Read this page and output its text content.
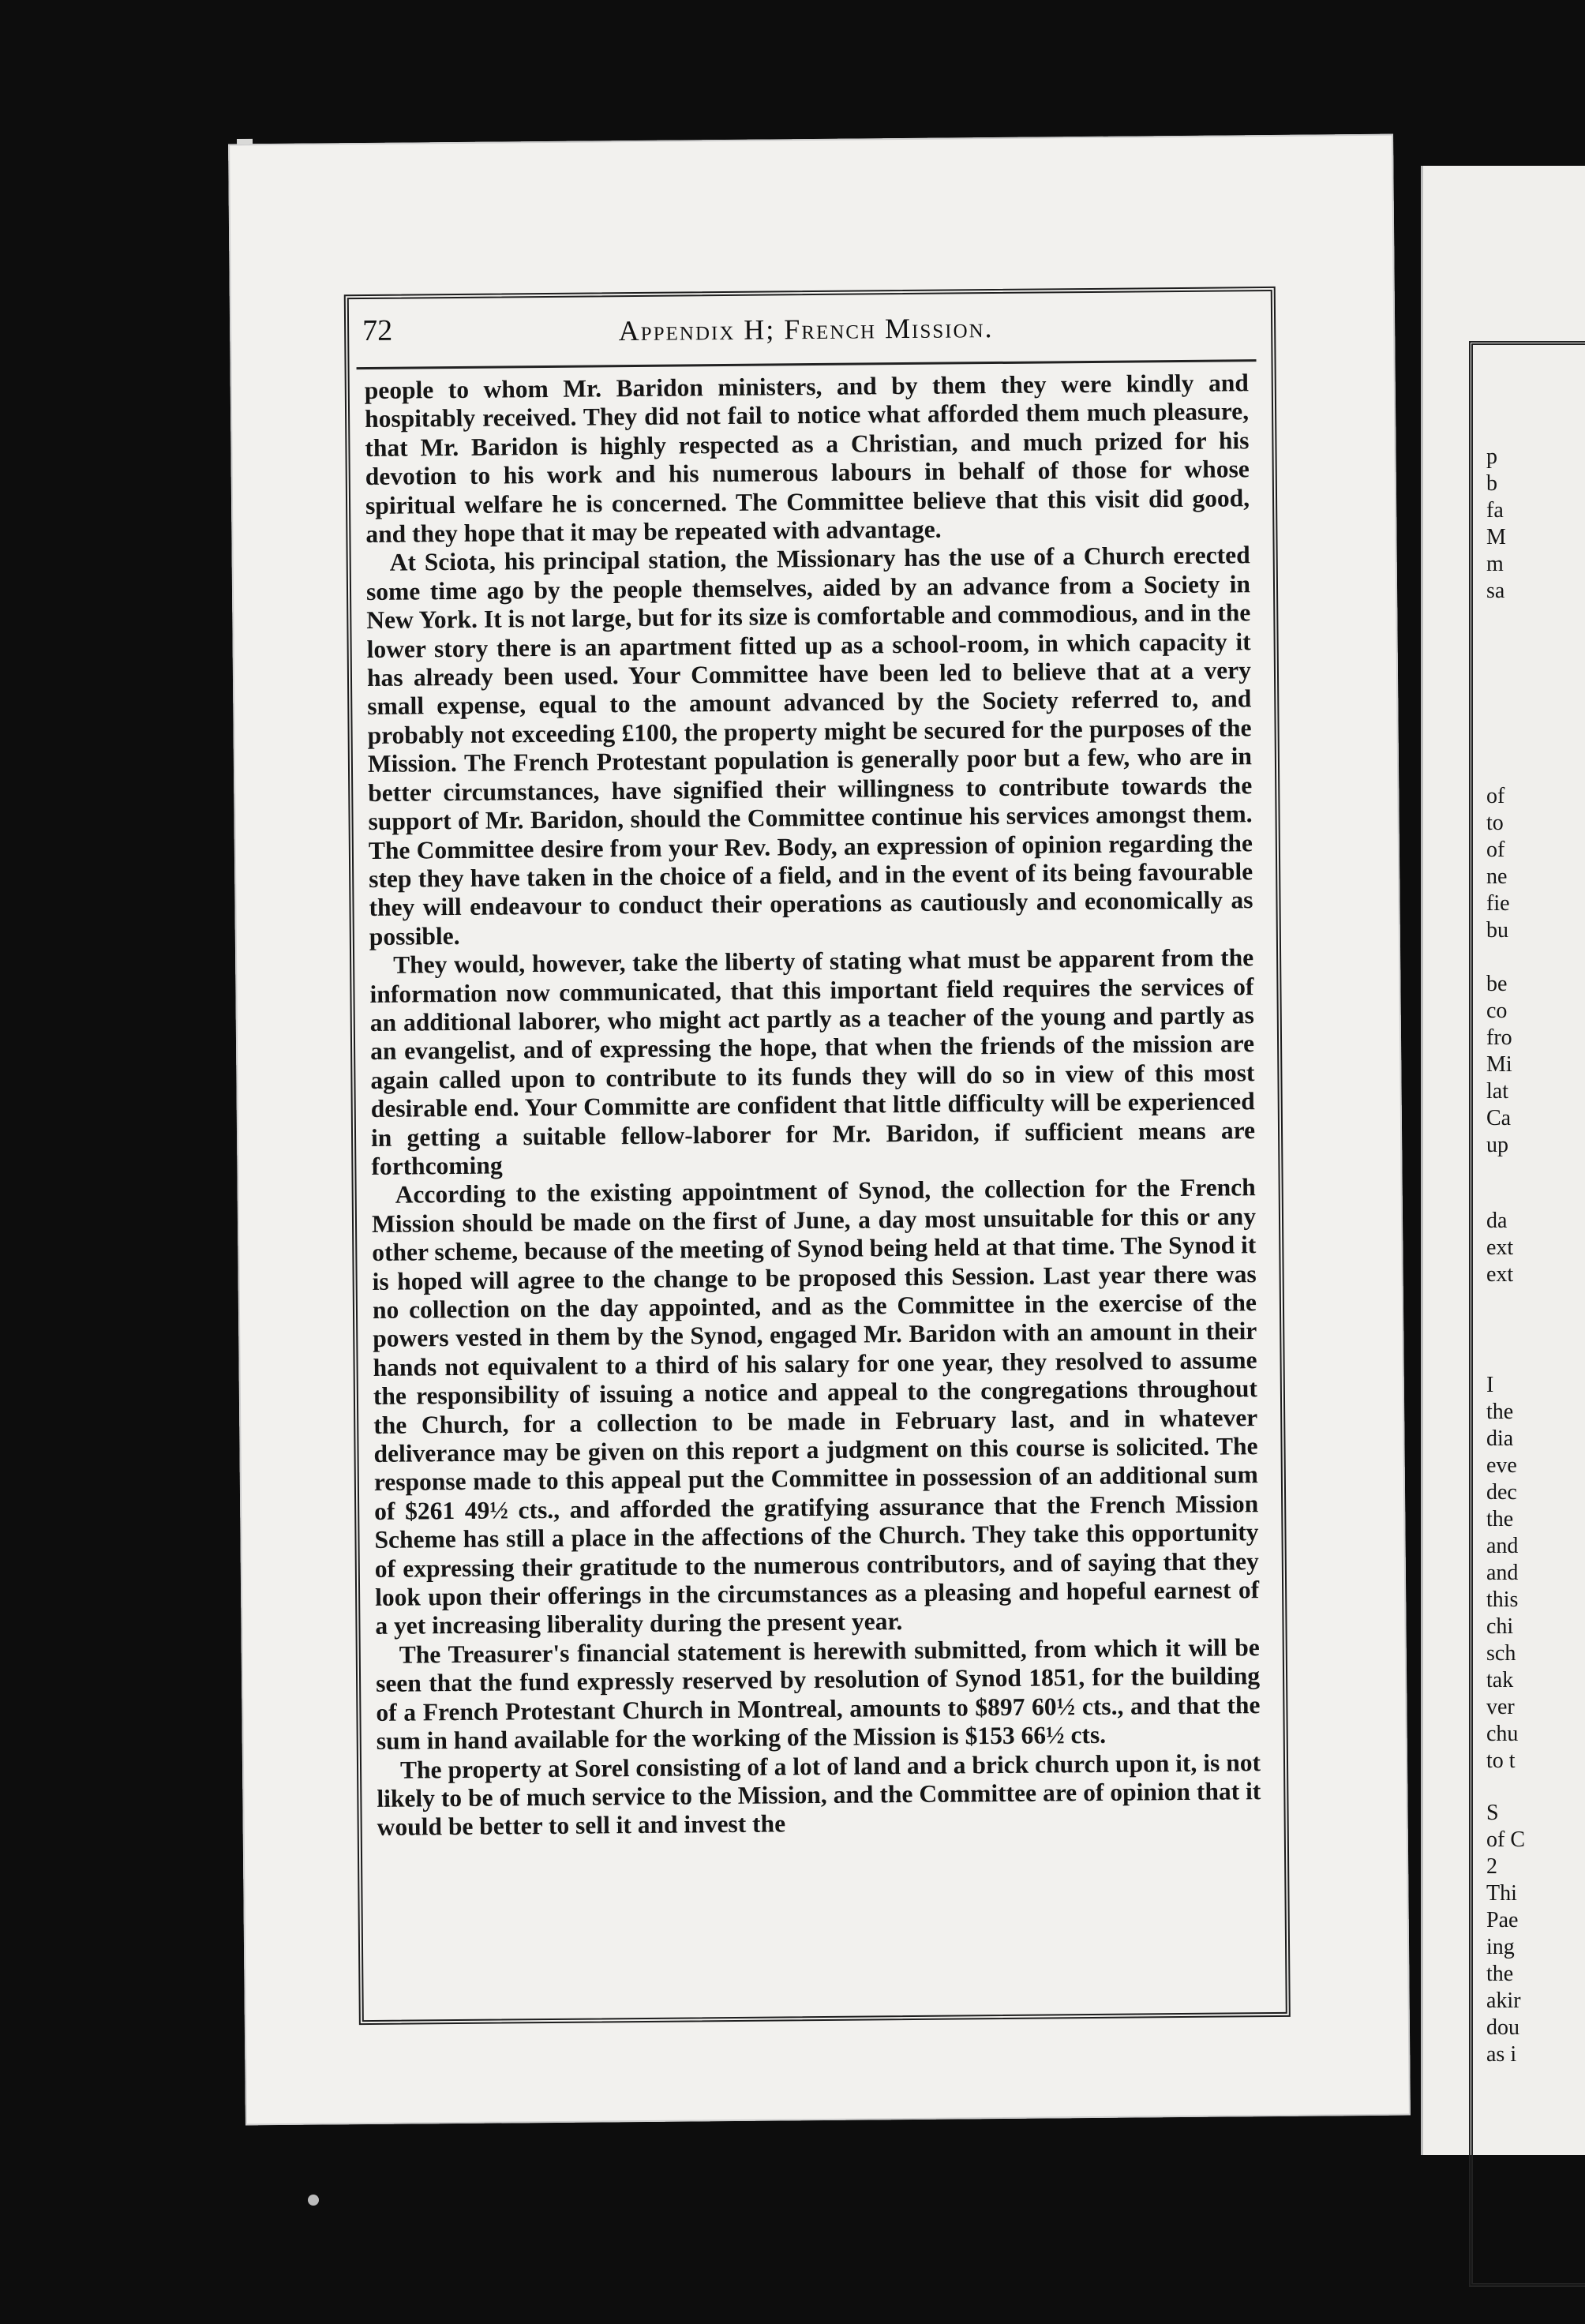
72	Appendix H; French Mission.

people to whom Mr. Baridon ministers, and by them they were kindly and hospitably received. They did not fail to notice what afforded them much pleasure, that Mr. Baridon is highly respected as a Christian, and much prized for his devotion to his work and his numerous labours in behalf of those for whose spiritual welfare he is concerned. The Committee believe that this visit did good, and they hope that it may be repeated with advantage.

At Sciota, his principal station, the Missionary has the use of a Church erected some time ago by the people themselves, aided by an advance from a Society in New York. It is not large, but for its size is comfortable and commodious, and in the lower story there is an apartment fitted up as a school-room, in which capacity it has already been used. Your Committee have been led to believe that at a very small expense, equal to the amount advanced by the Society referred to, and probably not exceeding £100, the property might be secured for the purposes of the Mission. The French Protestant population is generally poor but a few, who are in better circumstances, have signified their willingness to contribute towards the support of Mr. Baridon, should the Committee continue his services amongst them. The Committee desire from your Rev. Body, an expression of opinion regarding the step they have taken in the choice of a field, and in the event of its being favourable they will endeavour to conduct their operations as cautiously and economically as possible.

They would, however, take the liberty of stating what must be apparent from the information now communicated, that this important field requires the services of an additional laborer, who might act partly as a teacher of the young and partly as an evangelist, and of expressing the hope, that when the friends of the mission are again called upon to contribute to its funds they will do so in view of this most desirable end. Your Committe are confident that little difficulty will be experienced in getting a suitable fellow-laborer for Mr. Baridon, if sufficient means are forthcoming

According to the existing appointment of Synod, the collection for the French Mission should be made on the first of June, a day most unsuitable for this or any other scheme, because of the meeting of Synod being held at that time. The Synod it is hoped will agree to the change to be proposed this Session. Last year there was no collection on the day appointed, and as the Committee in the exercise of the powers vested in them by the Synod, engaged Mr. Baridon with an amount in their hands not equivalent to a third of his salary for one year, they resolved to assume the responsibility of issuing a notice and appeal to the congregations throughout the Church, for a collection to be made in February last, and in whatever deliverance may be given on this report a judgment on this course is solicited. The response made to this appeal put the Committee in possession of an additional sum of $261 49½ cts., and afforded the gratifying assurance that the French Mission Scheme has still a place in the affections of the Church. They take this opportunity of expressing their gratitude to the numerous contributors, and of saying that they look upon their offerings in the circumstances as a pleasing and hopeful earnest of a yet increasing liberality during the present year.

The Treasurer's financial statement is herewith submitted, from which it will be seen that the fund expressly reserved by resolution of Synod 1851, for the building of a French Protestant Church in Montreal, amounts to $897 60½ cts., and that the sum in hand available for the working of the Mission is $153 66½ cts.

The property at Sorel consisting of a lot of land and a brick church upon it, is not likely to be of much service to the Mission, and the Committee are of opinion that it would be better to sell it and invest the

p
b
fa
M
m
sa
of
to
of
ne
fie
bu
be
co
fro
Mi
lat
Ca
up
da
ext
ext
I
the
dia
eve
dec
the
and
and
this
chi
sch
tak
ver
chu
to t
S
of C
2
Thi
Pae
ing
the
akir
dou
as i
